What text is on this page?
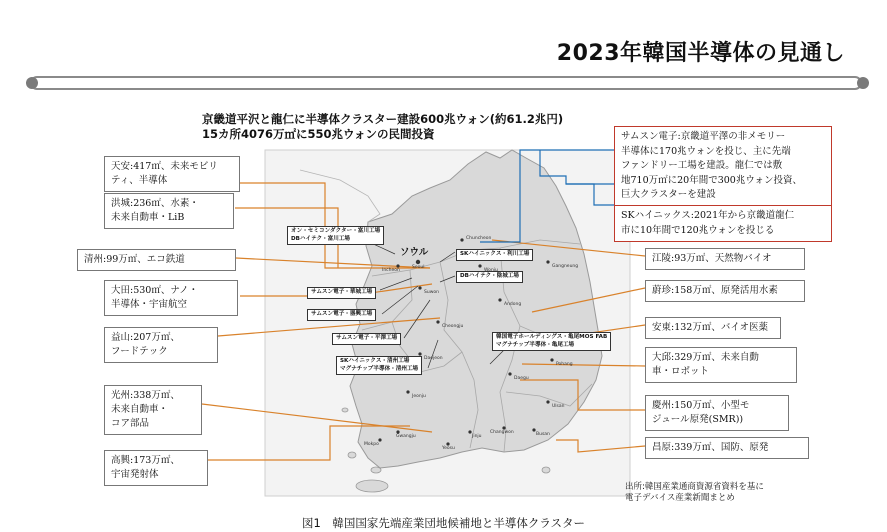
2023年韓国半導体の見通し
京畿道平沢と龍仁に半導体クラスター建設600兆ウォン(約61.2兆円)
15カ所4076万㎡に550兆ウォンの民間投資
ソウル
Seoul
Incheon
Chuncheon
Cheongju
Daejeon
Jeonju
Gwangju
Daegu
Ulsan
Busan
Changwon
Pohang
Andong
Gangneung
Suwon
Mokpo
Yeosu
Jinju
オン・セミコンダクター・富川工場
DBハイテク・富川工場
SKハイニックス・利川工場
DBハイテク・陰城工場
サムスン電子・華城工場
サムスン電子・器興工場
サムスン電子・平澤工場	韓国電子ホールディングス・亀尾MOS FAB
マグナチップ半導体・亀尾工場
SKハイニックス・清州工場
マグナチップ半導体・清州工場
天安:417㎡、未来モビリ
ティ、半導体
洪城:236㎡、水素・
未来自動車・LiB
清州:99万㎡、エコ鉄道
大田:530㎡、ナノ・
半導体・宇宙航空
益山:207万㎡、
フードテック
光州:338万㎡、
未来自動車・
コア部品
高興:173万㎡、
宇宙発射体
サムスン電子:京畿道平澤の非メモリー
半導体に170兆ウォンを投じ、主に先端
ファンドリー工場を建設。龍仁では敷
地710万㎡に20年間で300兆ウォン投資、
巨大クラスターを建設
SKハイニックス:2021年から京畿道龍仁
市に10年間で120兆ウォンを投じる
江陵:93万㎡、天然物バイオ
蔚珍:158万㎡、原発活用水素
安東:132万㎡、バイオ医薬
大邱:329万㎡、未来自動
車・ロボット
慶州:150万㎡、小型モ
ジュール原発(SMR))
昌原:339万㎡、国防、原発
出所:韓国産業通商資源省資料を基に
電子デバイス産業新聞まとめ
図1　韓国国家先端産業団地候補地と半導体クラスター
